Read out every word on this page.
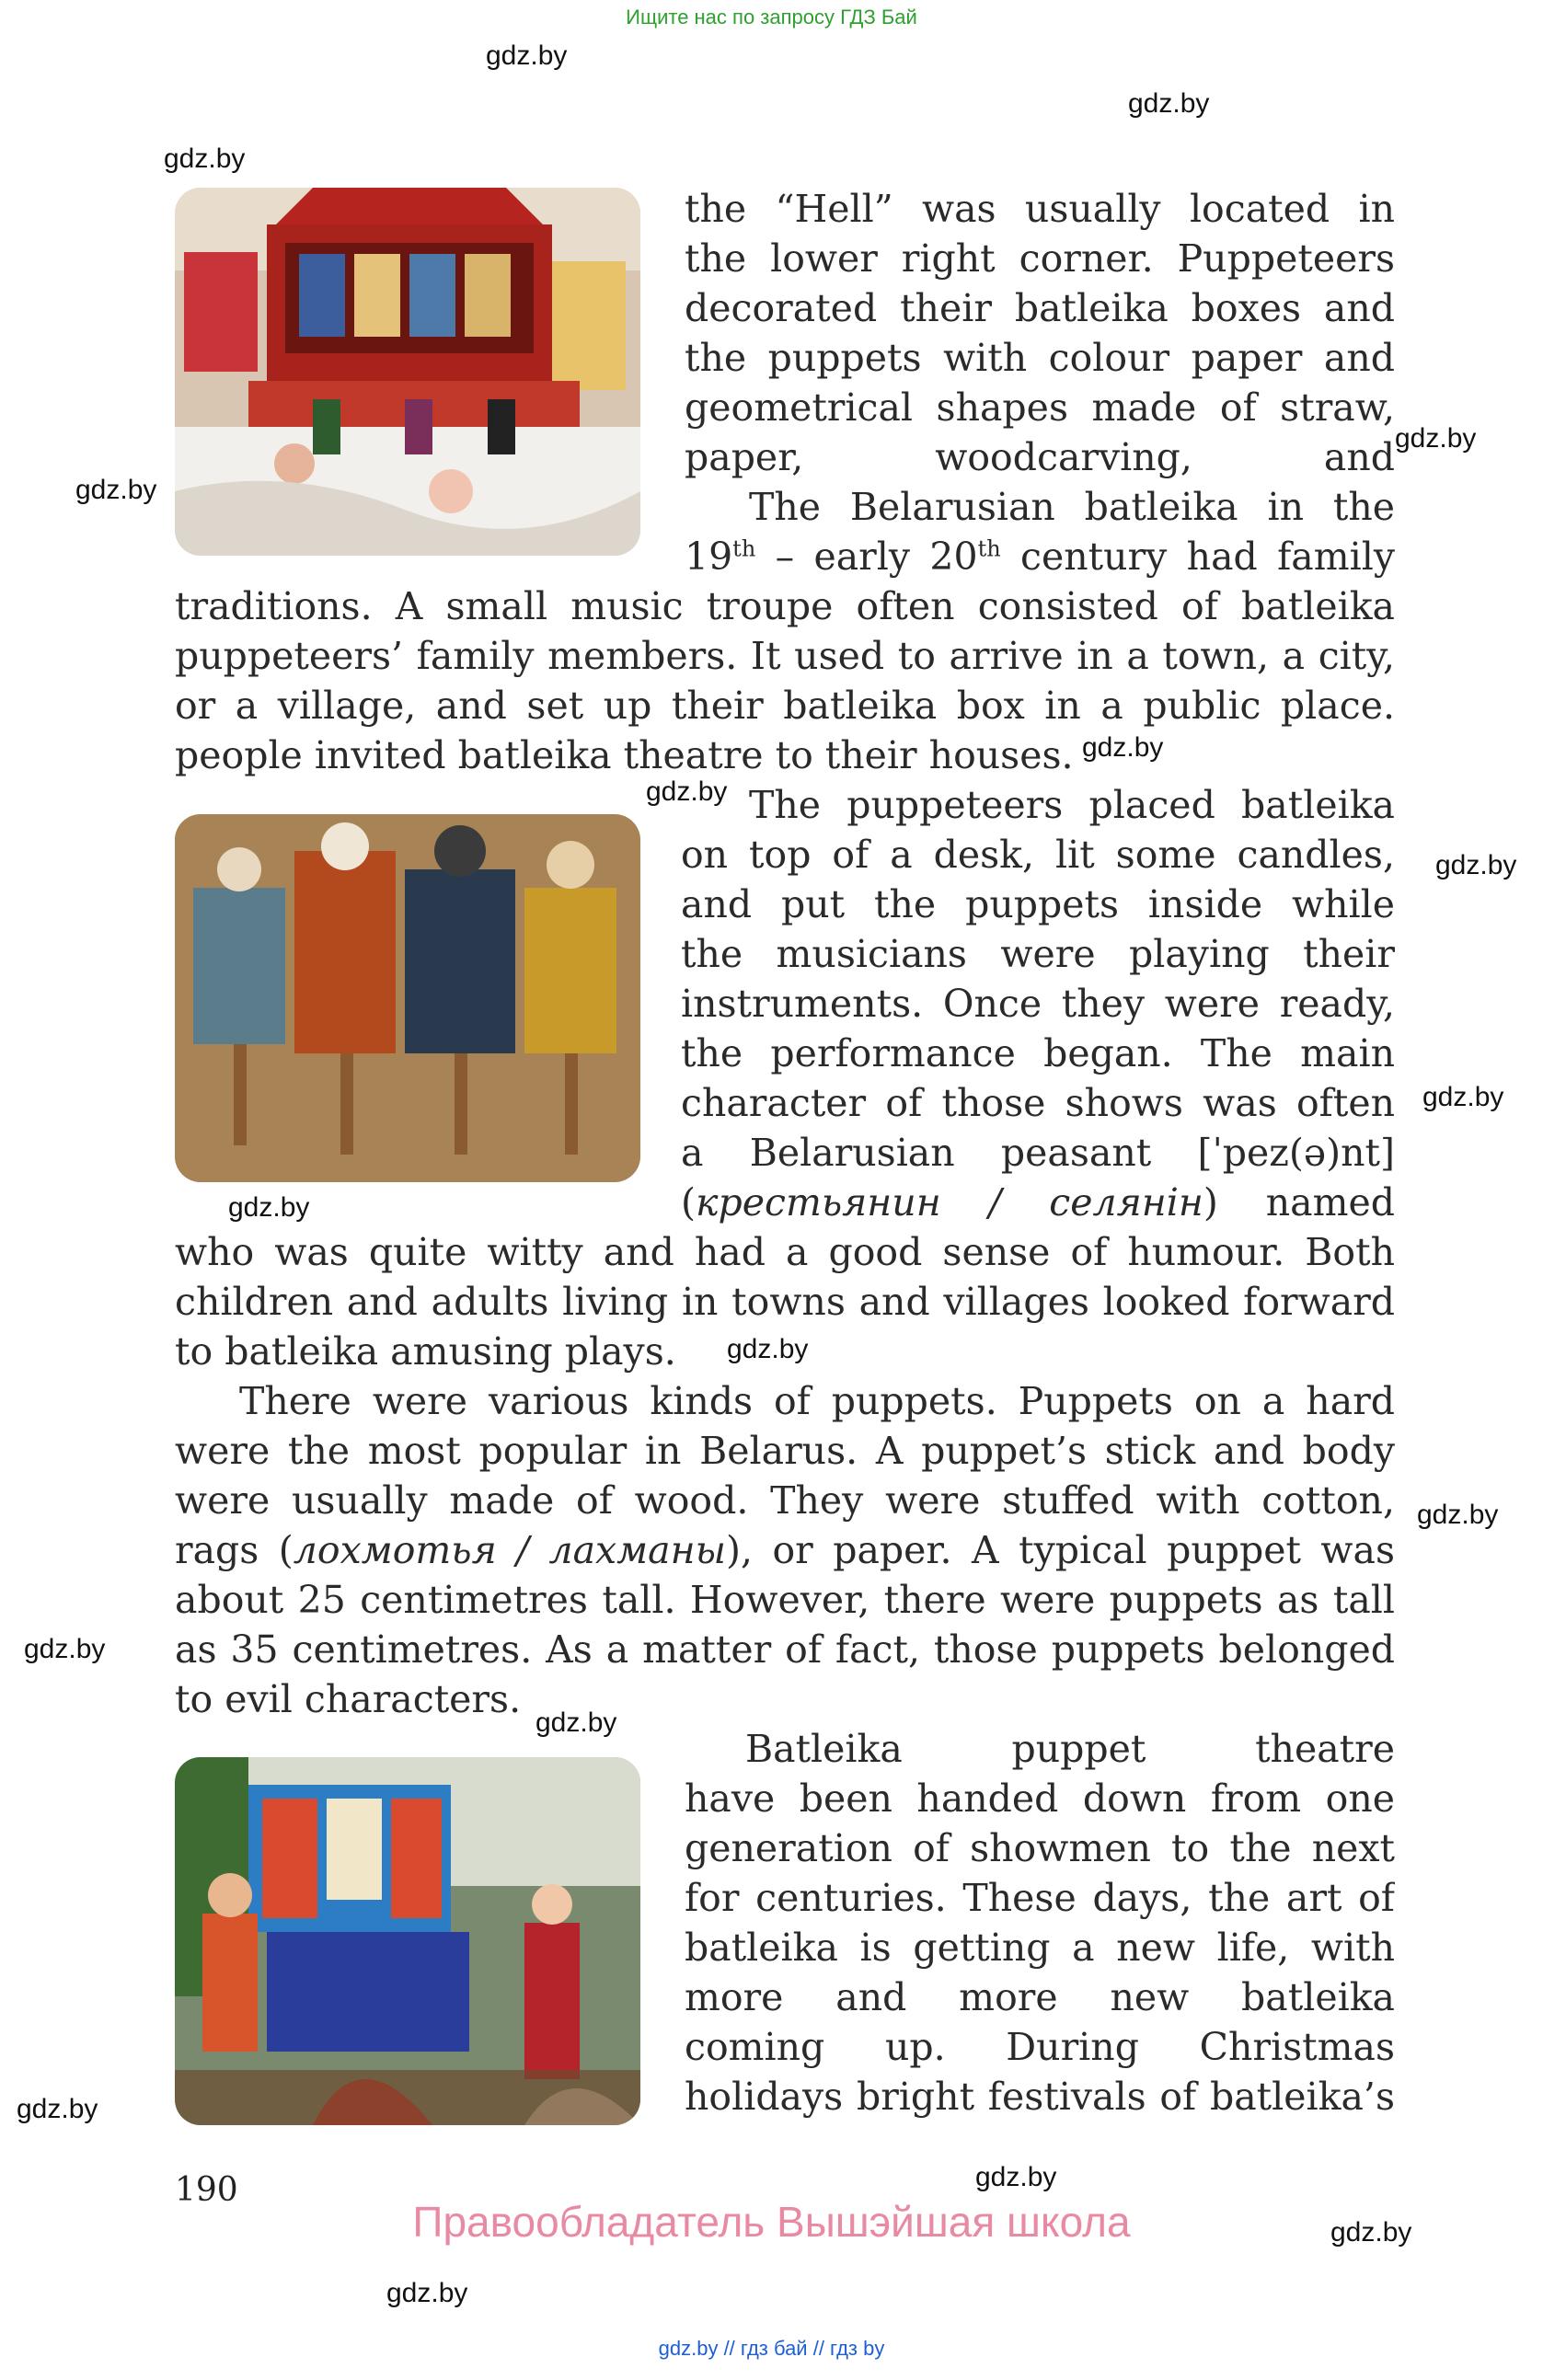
Ищите нас по запросу ГДЗ Бай
gdz.by
gdz.by
gdz.by
gdz.by
gdz.by
gdz.by
gdz.by
gdz.by
gdz.by
gdz.by
gdz.by
gdz.by
gdz.by
gdz.by
gdz.by
gdz.by
gdz.by
gdz.by
the “Hell” was usually located in
the lower right corner. Puppeteers
decorated their batleika boxes and
the puppets with colour paper and
geometrical shapes made of straw,
paper, woodcarving, and
The Belarusian batleika in the
19th – early 20th century had family
traditions. A small music troupe often consisted of batleika
puppeteers’ family members. It used to arrive in a town, a city,
or a village, and set up their batleika box in a public place.
people invited batleika theatre to their houses.
The puppeteers placed batleika
on top of a desk, lit some candles,
and put the puppets inside while
the musicians were playing their
instruments. Once they were ready,
the performance began. The main
character of those shows was often
a Belarusian peasant [ˈpez(ə)nt]
(крестьянин / селянін) named
who was quite witty and had a good sense of humour. Both
children and adults living in towns and villages looked forward
to batleika amusing plays.
There were various kinds of puppets. Puppets on a hard
were the most popular in Belarus. A puppet’s stick and body
were usually made of wood. They were stuffed with cotton,
rags (лохмотья / лахманы), or paper. A typical puppet was
about 25 centimetres tall. However, there were puppets as tall
as 35 centimetres. As a matter of fact, those puppets belonged
to evil characters.
Batleika puppet theatre
have been handed down from one
generation of showmen to the next
for centuries. These days, the art of
batleika is getting a new life, with
more and more new batleika
coming up. During Christmas
holidays bright festivals of batleika’s
190
Правообладатель Вышэйшая школа
gdz.by // гдз бай // гдз by
